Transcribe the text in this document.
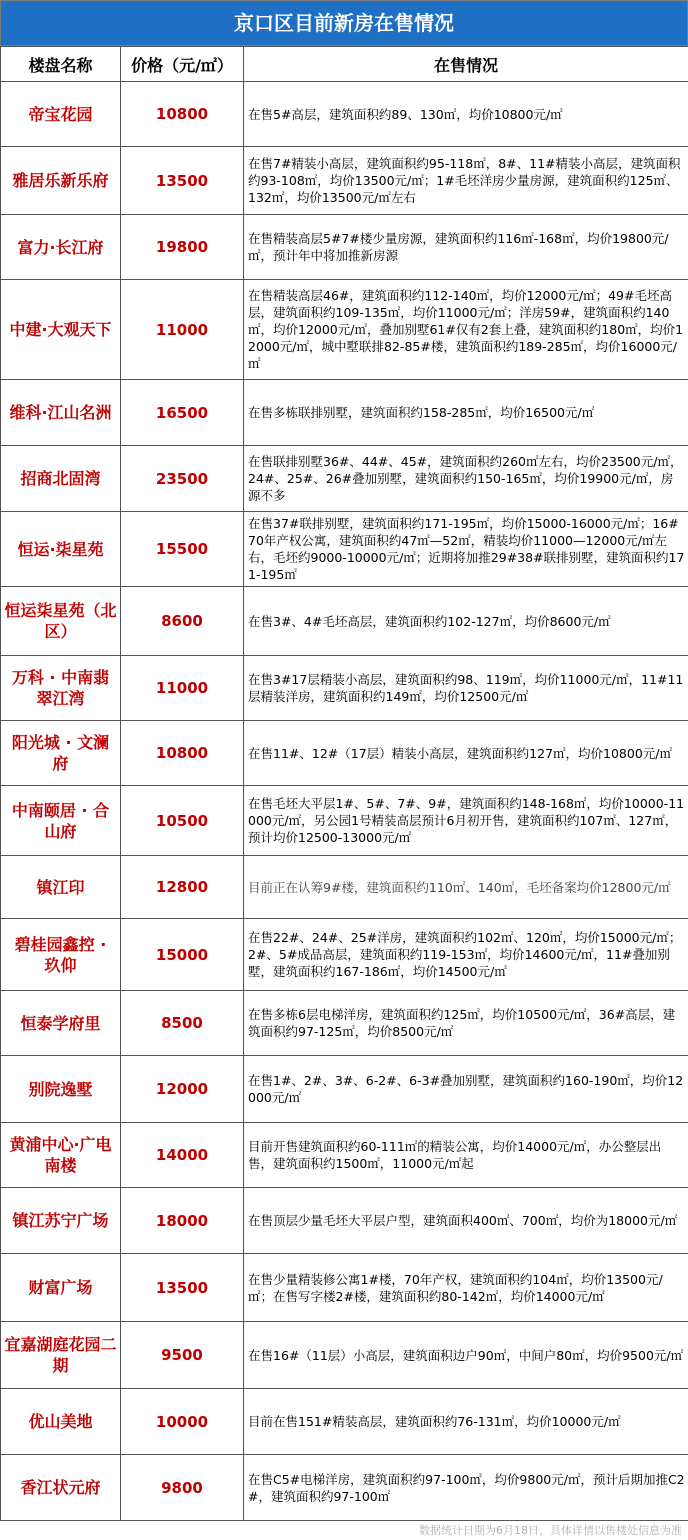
京口区目前新房在售情况
楼盘名称	价格（元/㎡）	在售情况
帝宝花园	10800	在售5#高层，建筑面积约89、130㎡，均价10800元/㎡
雅居乐新乐府	13500	在售7#精装小高层，建筑面积约95-118㎡，8#、11#精装小高层，建筑面积约93-108㎡，均价13500元/㎡；1#毛坯洋房少量房源，建筑面积约125㎡、132㎡，均价13500元/㎡左右
富力·长江府	19800	在售精装高层5#7#楼少量房源，建筑面积约116㎡-168㎡，均价19800元/㎡，预计年中将加推新房源
中建·大观天下	11000	在售精装高层46#，建筑面积约112-140㎡，均价12000元/㎡；49#毛坯高层，建筑面积约109-135㎡，均价11000元/㎡；洋房59#，建筑面积约140㎡，均价12000元/㎡，叠加别墅61#仅有2套上叠，建筑面积约180㎡，均价12000元/㎡，城中墅联排82-85#楼，建筑面积约189-285㎡，均价16000元/㎡
维科·江山名洲	16500	在售多栋联排别墅，建筑面积约158-285㎡，均价16500元/㎡
招商北固湾	23500	在售联排别墅36#、44#、45#，建筑面积约260㎡左右，均价23500元/㎡，24#、25#、26#叠加别墅，建筑面积约150-165㎡，均价19900元/㎡，房源不多
恒运·柒星苑	15500	在售37#联排别墅，建筑面积约171-195㎡，均价15000-16000元/㎡；16#70年产权公寓，建筑面积约47㎡—52㎡，精装均价11000—12000元/㎡左右，毛坯约9000-10000元/㎡；近期将加推29#38#联排别墅，建筑面积约171-195㎡
恒运柒星苑（北区）	8600	在售3#、4#毛坯高层，建筑面积约102-127㎡，均价8600元/㎡
万科 · 中南翡翠江湾	11000	在售3#17层精装小高层，建筑面积约98、119㎡，均价11000元/㎡，11#11层精装洋房，建筑面积约149㎡，均价12500元/㎡
阳光城 · 文澜府	10800	在售11#、12#（17层）精装小高层，建筑面积约127㎡，均价10800元/㎡
中南颐居 · 合山府	10500	在售毛坯大平层1#、5#、7#、9#，建筑面积约148-168㎡，均价10000-11000元/㎡，另公园1号精装高层预计6月初开售，建筑面积约107㎡、127㎡，预计均价12500-13000元/㎡
镇江印	12800	目前正在认筹9#楼，建筑面积约110㎡、140㎡，毛坯备案均价12800元/㎡
碧桂园鑫控 · 玖仰	15000	在售22#、24#、25#洋房，建筑面积约102㎡、120㎡，均价15000元/㎡；2#、5#成品高层，建筑面积约119-153㎡，均价14600元/㎡，11#叠加别墅，建筑面积约167-186㎡，均价14500元/㎡
恒泰学府里	8500	在售多栋6层电梯洋房，建筑面积约125㎡，均价10500元/㎡，36#高层，建筑面积约97-125㎡，均价8500元/㎡
别院逸墅	12000	在售1#、2#、3#、6-2#、6-3#叠加别墅，建筑面积约160-190㎡，均价12000元/㎡
黄浦中心·广电南楼	14000	目前开售建筑面积约60-111㎡的精装公寓，均价14000元/㎡，办公整层出售，建筑面积约1500㎡，11000元/㎡起
镇江苏宁广场	18000	在售顶层少量毛坯大平层户型，建筑面积400㎡、700㎡，均价为18000元/㎡
财富广场	13500	在售少量精装修公寓1#楼，70年产权，建筑面积约104㎡，均价13500元/㎡；在售写字楼2#楼，建筑面积约80-142㎡，均价14000元/㎡
宜嘉湖庭花园二期	9500	在售16#（11层）小高层，建筑面积边户90㎡，中间户80㎡，均价9500元/㎡
优山美地	10000	目前在售151#精装高层，建筑面积约76-131㎡，均价10000元/㎡
香江状元府	9800	在售C5#电梯洋房，建筑面积约97-100㎡，均价9800元/㎡，预计后期加推C2#，建筑面积约97-100㎡
数据统计日期为6月18日，具体详情以售楼处信息为准
